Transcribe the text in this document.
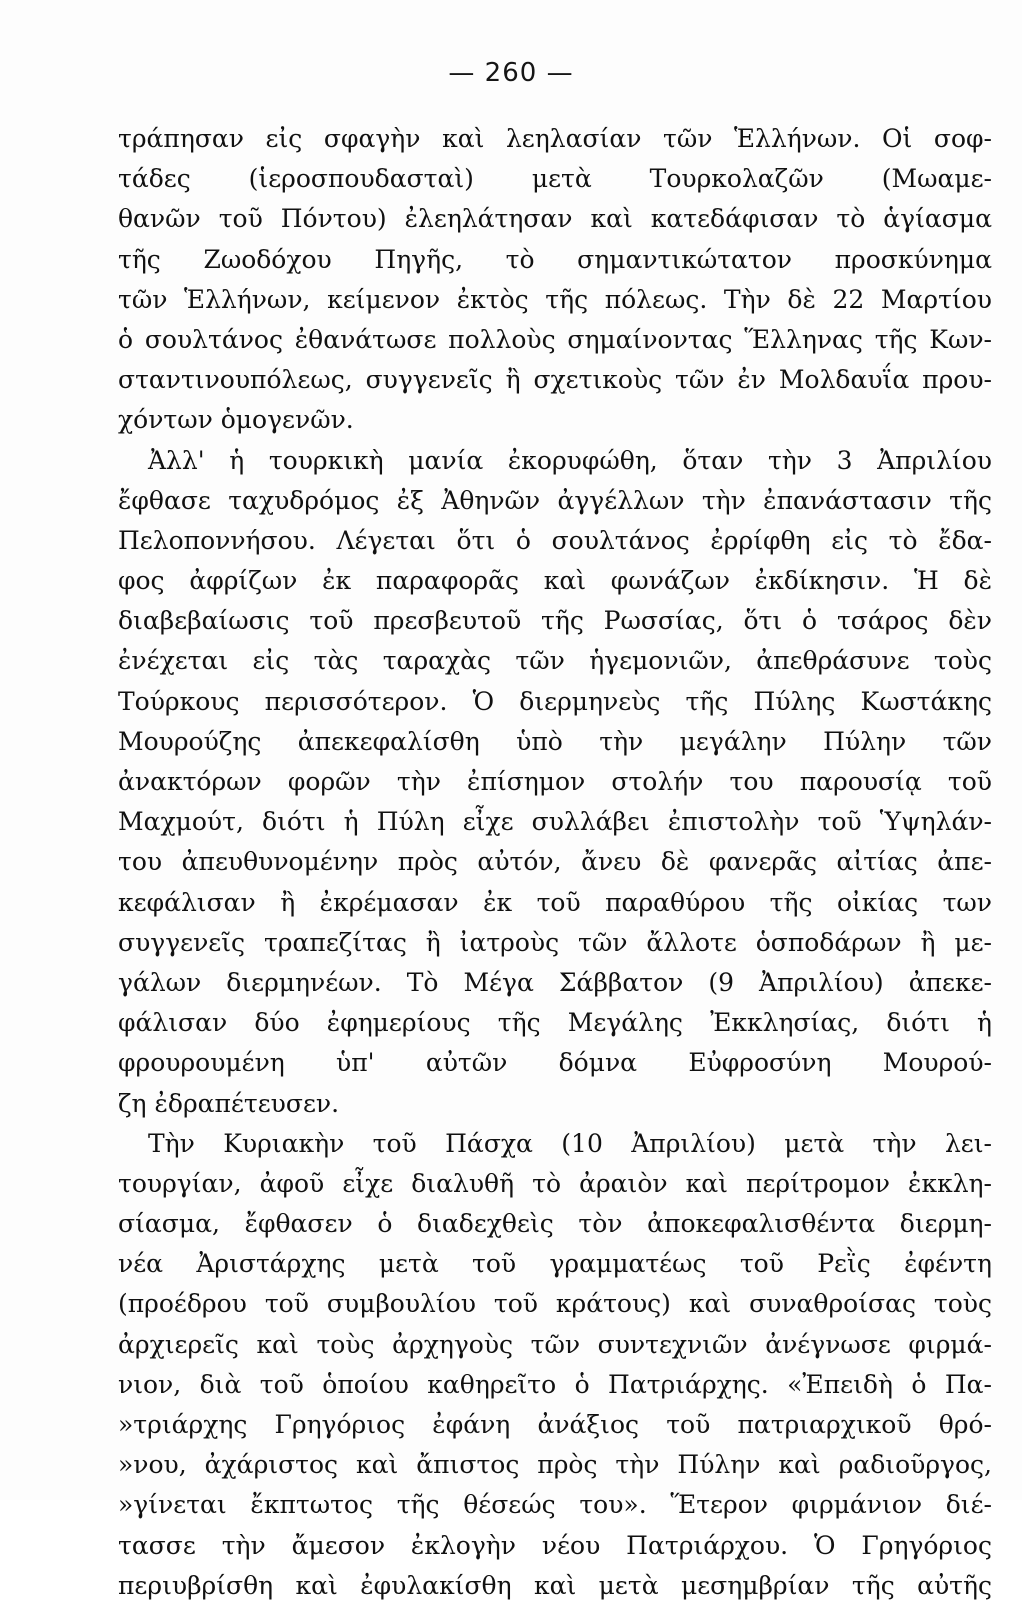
— 260 —
τράπησαν εἰς σφαγὴν καὶ λεηλασίαν τῶν Ἑλλήνων. Οἱ σοφ-
τάδες (ἱεροσπουδασταὶ) μετὰ Τουρκολαζῶν (Μωαμε-
θανῶν τοῦ Πόντου) ἐλεηλάτησαν καὶ κατεδάφισαν τὸ ἁγίασμα
τῆς Ζωοδόχου Πηγῆς, τὸ σημαντικώτατον προσκύνημα
τῶν Ἑλλήνων, κείμενον ἐκτὸς τῆς πόλεως. Τὴν δὲ 22 Μαρτίου
ὁ σουλτάνος ἐθανάτωσε πολλοὺς σημαίνοντας Ἕλληνας τῆς Κων-
σταντινουπόλεως, συγγενεῖς ἢ σχετικοὺς τῶν ἐν Μολδαυΐα πρου-
χόντων ὁμογενῶν.
Ἀλλ' ἡ τουρκικὴ μανία ἐκορυφώθη, ὅταν τὴν 3 Ἀπριλίου
ἔφθασε ταχυδρόμος ἐξ Ἀθηνῶν ἀγγέλλων τὴν ἐπανάστασιν τῆς
Πελοποννήσου. Λέγεται ὅτι ὁ σουλτάνος ἐρρίφθη εἰς τὸ ἔδα-
φος ἀφρίζων ἐκ παραφορᾶς καὶ φωνάζων ἐκδίκησιν. Ἡ δὲ
διαβεβαίωσις τοῦ πρεσβευτοῦ τῆς Ρωσσίας, ὅτι ὁ τσάρος δὲν
ἐνέχεται εἰς τὰς ταραχὰς τῶν ἡγεμονιῶν, ἀπεθράσυνε τοὺς
Τούρκους περισσότερον. Ὁ διερμηνεὺς τῆς Πύλης Κωστάκης
Μουρούζης ἀπεκεφαλίσθη ὑπὸ τὴν μεγάλην Πύλην τῶν
ἀνακτόρων φορῶν τὴν ἐπίσημον στολήν του παρουσίᾳ τοῦ
Μαχμούτ, διότι ἡ Πύλη εἶχε συλλάβει ἐπιστολὴν τοῦ Ὑψηλάν-
του ἀπευθυνομένην πρὸς αὐτόν, ἄνευ δὲ φανερᾶς αἰτίας ἀπε-
κεφάλισαν ἢ ἐκρέμασαν ἐκ τοῦ παραθύρου τῆς οἰκίας των
συγγενεῖς τραπεζίτας ἢ ἰατροὺς τῶν ἄλλοτε ὁσποδάρων ἢ με-
γάλων διερμηνέων. Τὸ Μέγα Σάββατον (9 Ἀπριλίου) ἀπεκε-
φάλισαν δύο ἐφημερίους τῆς Μεγάλης Ἐκκλησίας, διότι ἡ
φρουρουμένη ὑπ' αὐτῶν δόμνα Εὐφροσύνη Μουρού-
ζη ἐδραπέτευσεν.
Τὴν Κυριακὴν τοῦ Πάσχα (10 Ἀπριλίου) μετὰ τὴν λει-
τουργίαν, ἀφοῦ εἶχε διαλυθῆ τὸ ἀραιὸν καὶ περίτρομον ἐκκλη-
σίασμα, ἔφθασεν ὁ διαδεχθεὶς τὸν ἀποκεφαλισθέντα διερμη-
νέα Ἀριστάρχης μετὰ τοῦ γραμματέως τοῦ Ρεῒς ἐφέντη
(προέδρου τοῦ συμβουλίου τοῦ κράτους) καὶ συναθροίσας τοὺς
ἀρχιερεῖς καὶ τοὺς ἀρχηγοὺς τῶν συντεχνιῶν ἀνέγνωσε φιρμά-
νιον, διὰ τοῦ ὁποίου καθηρεῖτο ὁ Πατριάρχης. «Ἐπειδὴ ὁ Πα-
»τριάρχης Γρηγόριος ἐφάνη ἀνάξιος τοῦ πατριαρχικοῦ θρό-
»νου, ἀχάριστος καὶ ἄπιστος πρὸς τὴν Πύλην καὶ ραδιοῦργος,
»γίνεται ἔκπτωτος τῆς θέσεώς του». Ἕτερον φιρμάνιον διέ-
τασσε τὴν ἄμεσον ἐκλογὴν νέου Πατριάρχου. Ὁ Γρηγόριος
περιυβρίσθη καὶ ἐφυλακίσθη καὶ μετὰ μεσημβρίαν τῆς αὐτῆς
